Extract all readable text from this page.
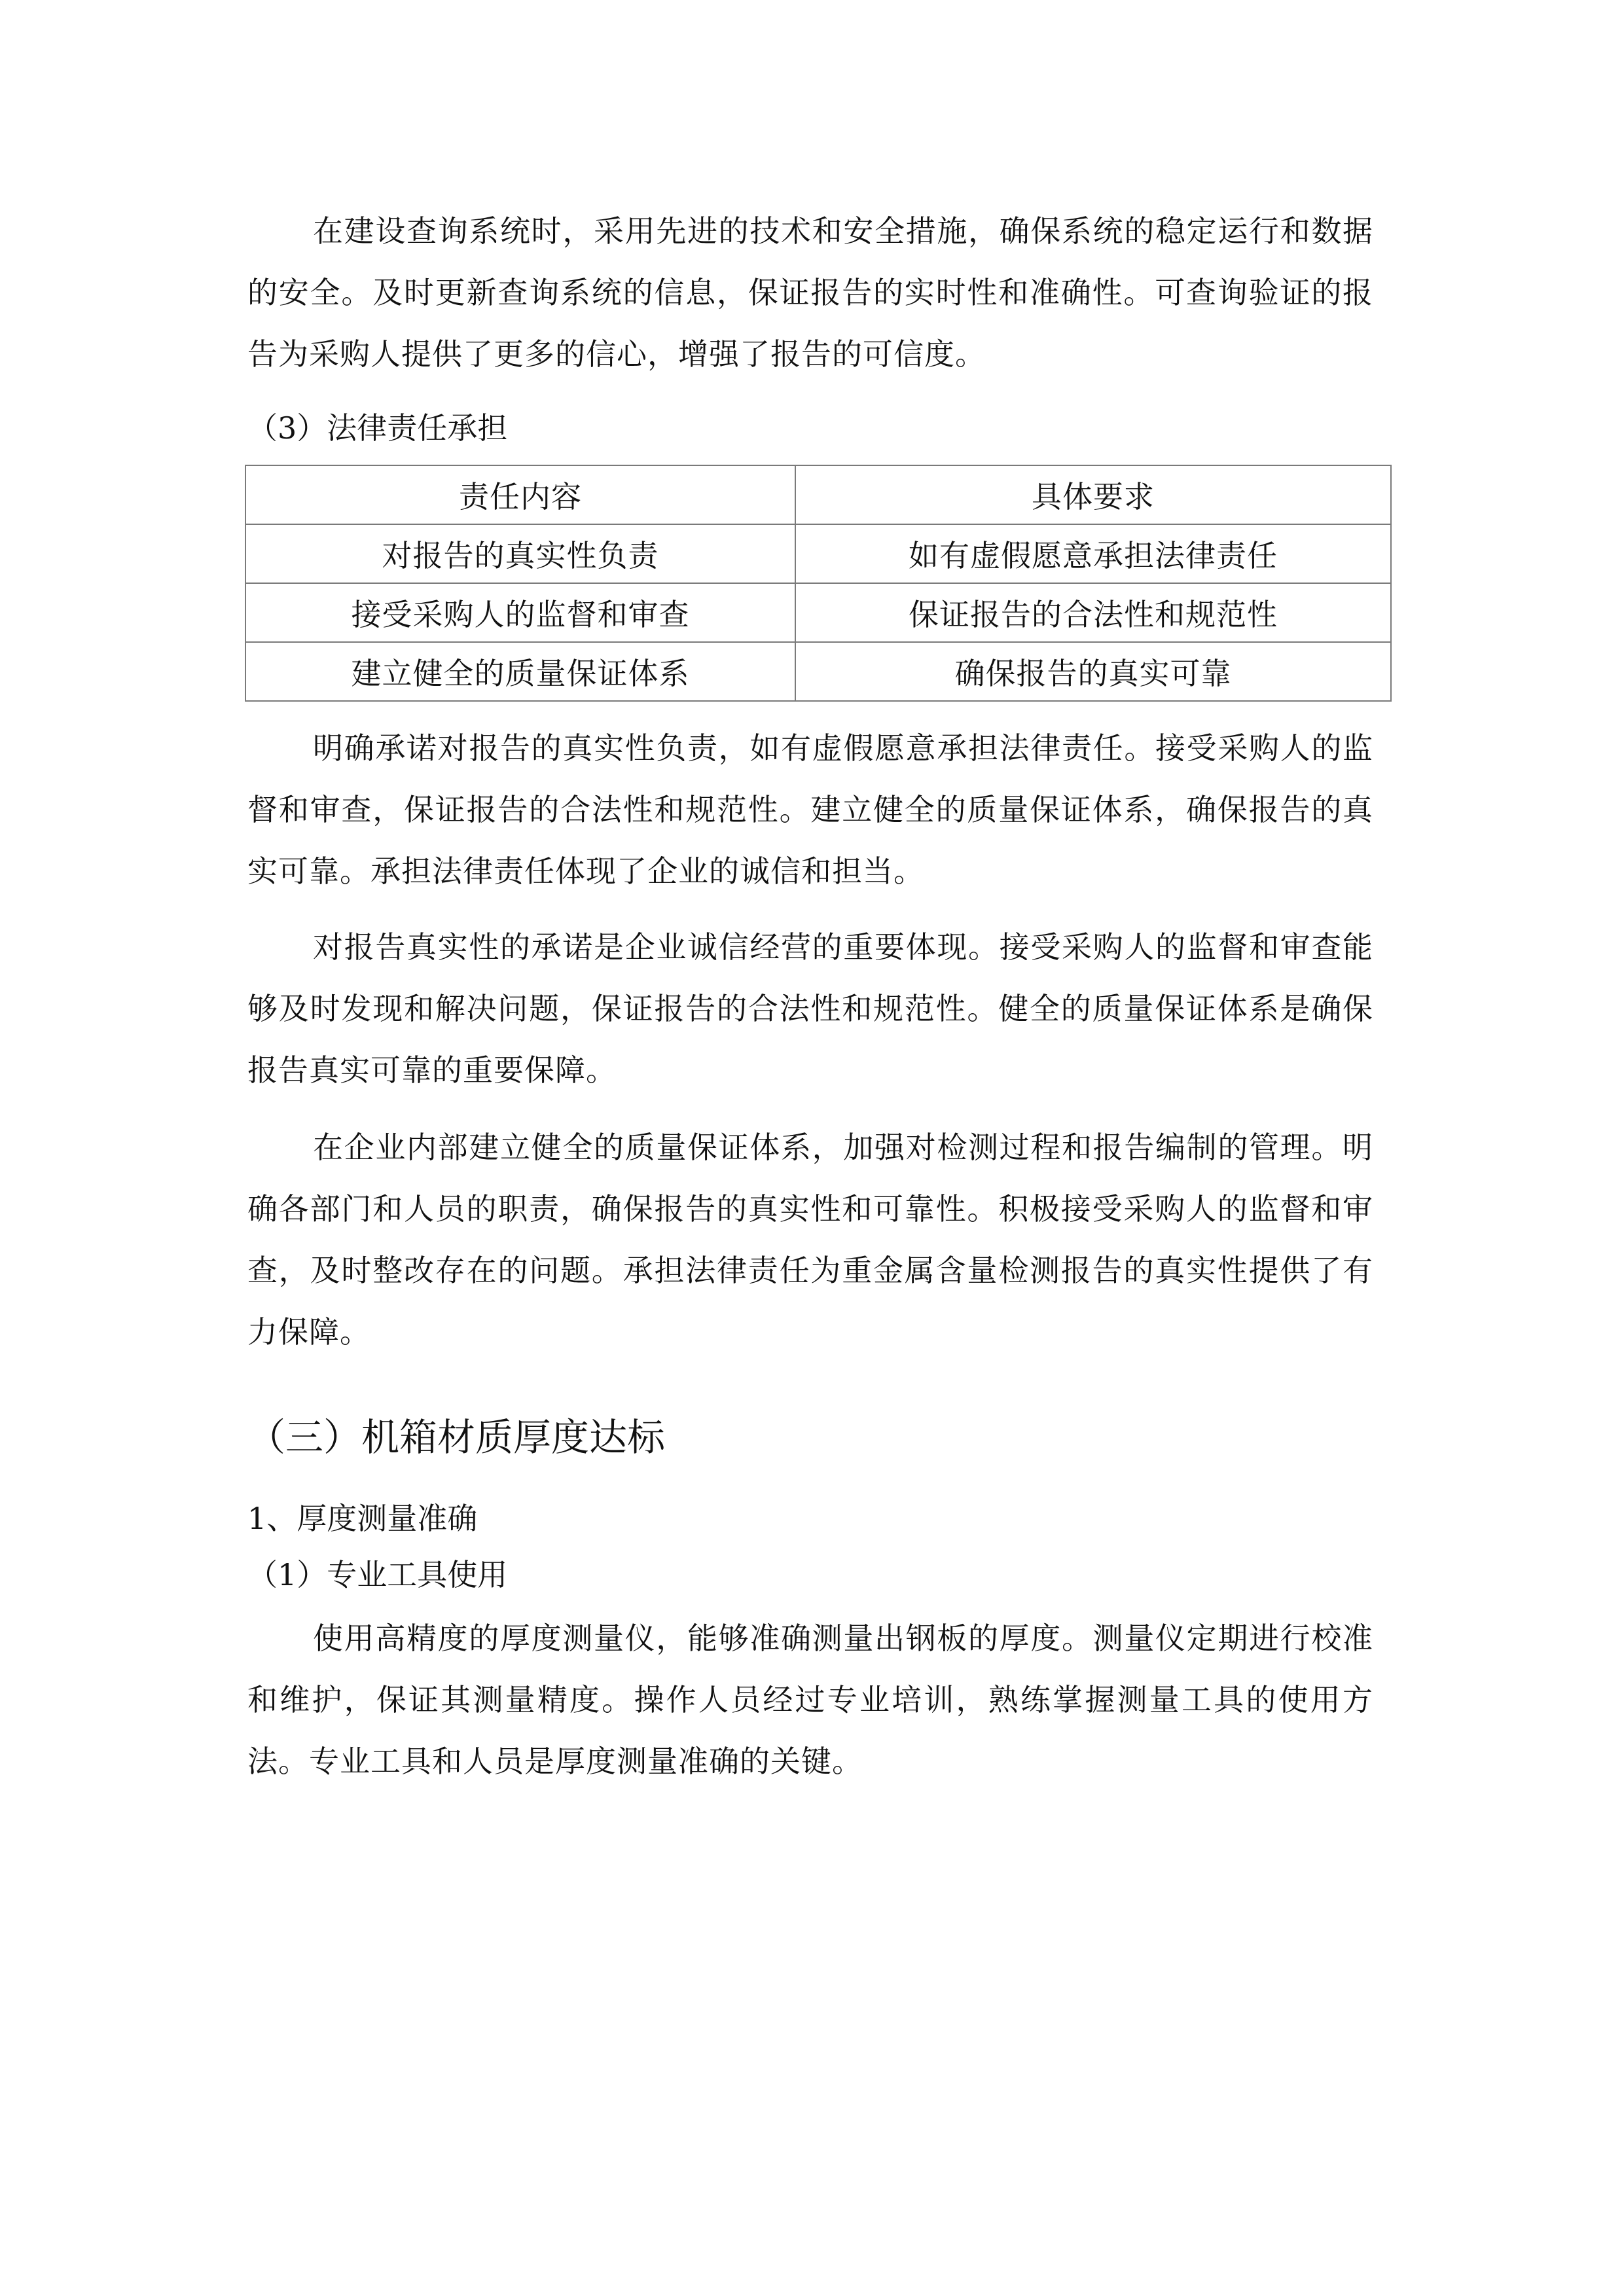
在建设查询系统时，采用先进的技术和安全措施，确保系统的稳定运行和数据的安全。及时更新查询系统的信息，保证报告的实时性和准确性。可查询验证的报告为采购人提供了更多的信心，增强了报告的可信度。

（3）法律责任承担

责任内容	具体要求
对报告的真实性负责	如有虚假愿意承担法律责任
接受采购人的监督和审查	保证报告的合法性和规范性
建立健全的质量保证体系	确保报告的真实可靠

明确承诺对报告的真实性负责，如有虚假愿意承担法律责任。接受采购人的监督和审查，保证报告的合法性和规范性。建立健全的质量保证体系，确保报告的真实可靠。承担法律责任体现了企业的诚信和担当。

对报告真实性的承诺是企业诚信经营的重要体现。接受采购人的监督和审查能够及时发现和解决问题，保证报告的合法性和规范性。健全的质量保证体系是确保报告真实可靠的重要保障。

在企业内部建立健全的质量保证体系，加强对检测过程和报告编制的管理。明确各部门和人员的职责，确保报告的真实性和可靠性。积极接受采购人的监督和审查，及时整改存在的问题。承担法律责任为重金属含量检测报告的真实性提供了有力保障。

（三）机箱材质厚度达标

1、厚度测量准确

（1）专业工具使用

使用高精度的厚度测量仪，能够准确测量出钢板的厚度。测量仪定期进行校准和维护，保证其测量精度。操作人员经过专业培训，熟练掌握测量工具的使用方法。专业工具和人员是厚度测量准确的关键。
